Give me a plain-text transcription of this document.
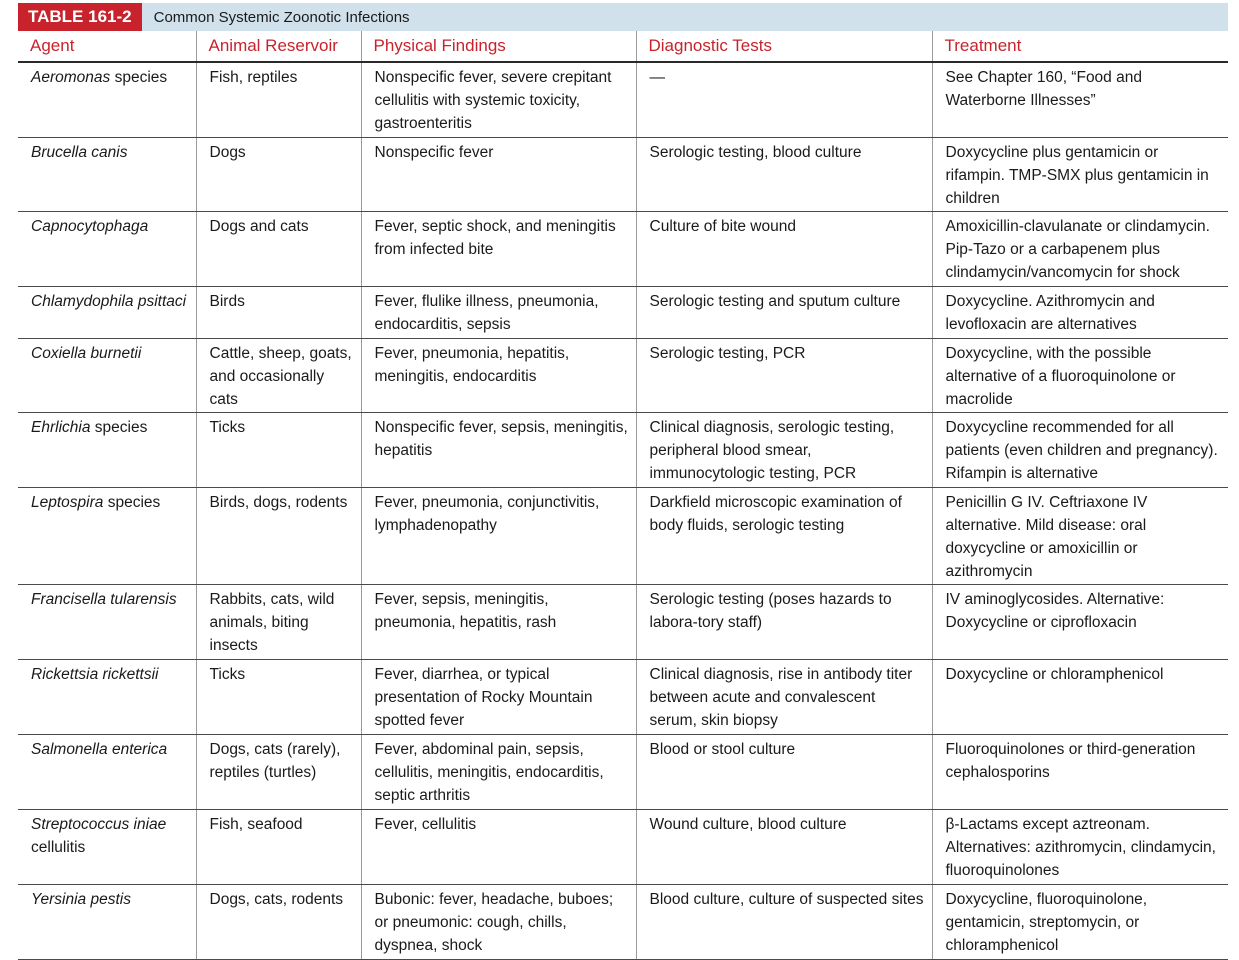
TABLE 161-2	Common Systemic Zoonotic Infections
Agent	Animal Reservoir	Physical Findings	Diagnostic Tests	Treatment
Aeromonas species	Fish, reptiles	Nonspecific fever, severe crepitant cellulitis with systemic toxicity, gastroenteritis	—	See Chapter 160, “Food and Waterborne Illnesses”
Brucella canis	Dogs	Nonspecific fever	Serologic testing, blood culture	Doxycycline plus gentamicin or rifampin. TMP-SMX plus gentamicin in children
Capnocytophaga	Dogs and cats	Fever, septic shock, and meningitis from infected bite	Culture of bite wound	Amoxicillin-clavulanate or clindamycin. Pip-Tazo or a carbapenem plus clindamycin/vancomycin for shock
Chlamydophila psittaci	Birds	Fever, flulike illness, pneumonia, endocarditis, sepsis	Serologic testing and sputum culture	Doxycycline. Azithromycin and levofloxacin are alternatives
Coxiella burnetii	Cattle, sheep, goats, and occasionally cats	Fever, pneumonia, hepatitis, meningitis, endocarditis	Serologic testing, PCR	Doxycycline, with the possible alternative of a fluoroquinolone or macrolide
Ehrlichia species	Ticks	Nonspecific fever, sepsis, meningitis, hepatitis	Clinical diagnosis, serologic testing, peripheral blood smear, immunocytologic testing, PCR	Doxycycline recommended for all patients (even children and pregnancy). Rifampin is alternative
Leptospira species	Birds, dogs, rodents	Fever, pneumonia, conjunctivitis, lymphadenopathy	Darkfield microscopic examination of body fluids, serologic testing	Penicillin G IV. Ceftriaxone IV alternative. Mild disease: oral doxycycline or amoxicillin or azithromycin
Francisella tularensis	Rabbits, cats, wild animals, biting insects	Fever, sepsis, meningitis, pneumonia, hepatitis, rash	Serologic testing (poses hazards to labora-tory staff)	IV aminoglycosides. Alternative: Doxycycline or ciprofloxacin
Rickettsia rickettsii	Ticks	Fever, diarrhea, or typical presentation of Rocky Mountain spotted fever	Clinical diagnosis, rise in antibody titer between acute and convalescent serum, skin biopsy	Doxycycline or chloramphenicol
Salmonella enterica	Dogs, cats (rarely), reptiles (turtles)	Fever, abdominal pain, sepsis, cellulitis, meningitis, endocarditis, septic arthritis	Blood or stool culture	Fluoroquinolones or third-generation cephalosporins
Streptococcus iniae cellulitis	Fish, seafood	Fever, cellulitis	Wound culture, blood culture	β-Lactams except aztreonam. Alternatives: azithromycin, clindamycin, fluoroquinolones
Yersinia pestis	Dogs, cats, rodents	Bubonic: fever, headache, buboes; or pneumonic: cough, chills, dyspnea, shock	Blood culture, culture of suspected sites	Doxycycline, fluoroquinolone, gentamicin, streptomycin, or chloramphenicol
